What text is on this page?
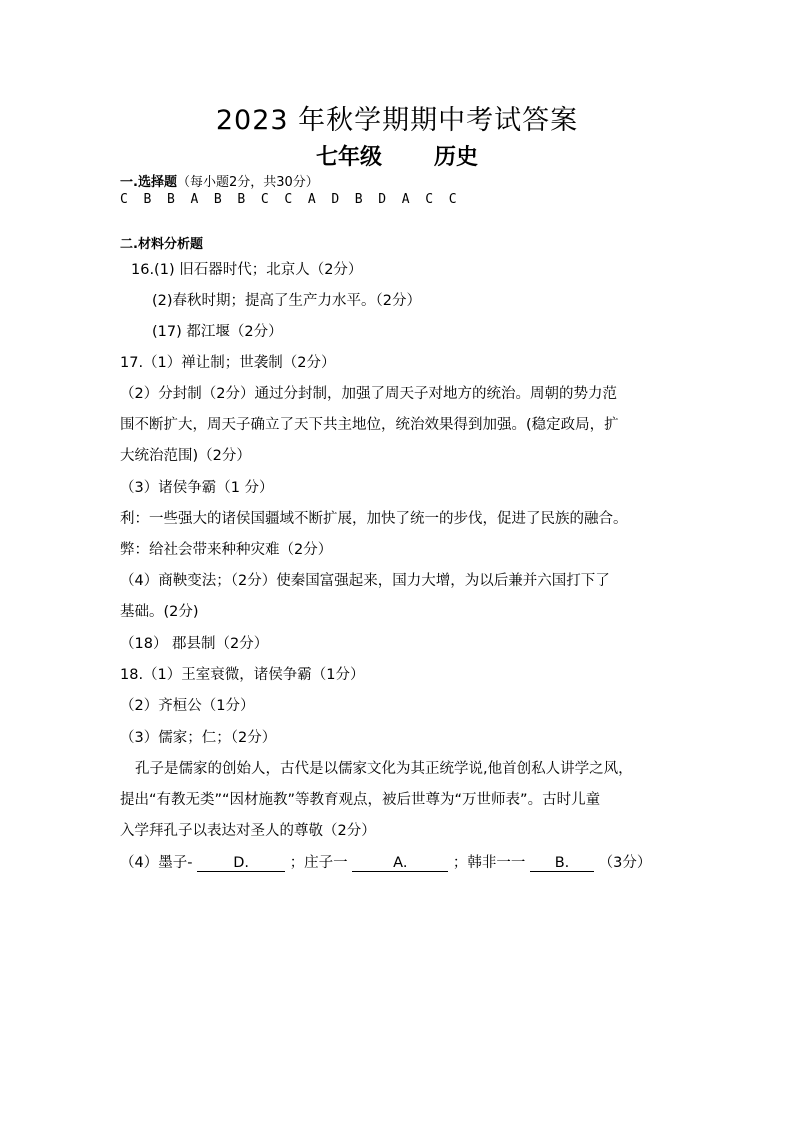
2023 年秋学期期中考试答案
七年级 历史
一.选择题（每小题2分，共30分）
C  B  B  A  B  B  C  C  A  D  B  D  A  C  C
二.材料分析题
16.(1) 旧石器时代；北京人（2分）
(2)春秋时期；提高了生产力水平。（2分）
(17) 都江堰（2分）
17.（1）禅让制；世袭制（2分）
（2）分封制（2分）通过分封制，加强了周天子对地方的统治。周朝的势力范
围不断扩大，周天子确立了天下共主地位，统治效果得到加强。(稳定政局，扩
大统治范围)（2分）
（3）诸侯争霸（1 分）
利：一些强大的诸侯国疆域不断扩展，加快了统一的步伐，促进了民族的融合。
弊：给社会带来种种灾难（2分）
（4）商鞅变法；（2分）使秦国富强起来，国力大增，为以后兼并六国打下了
基础。(2分)
（18） 郡县制（2分）
18.（1）王室衰微，诸侯争霸（1分）
（2）齐桓公（1分）
（3）儒家；仁；（2分）
孔子是儒家的创始人，古代是以儒家文化为其正统学说,他首创私人讲学之风，
提出“有教无类”“因材施教”等教育观点，被后世尊为“万世师表”。古时儿童
入学拜孔子以表达对圣人的尊敬（2分）
（4）墨子-	D.	；庄子一	A.	；韩非一一 B. （3分）
